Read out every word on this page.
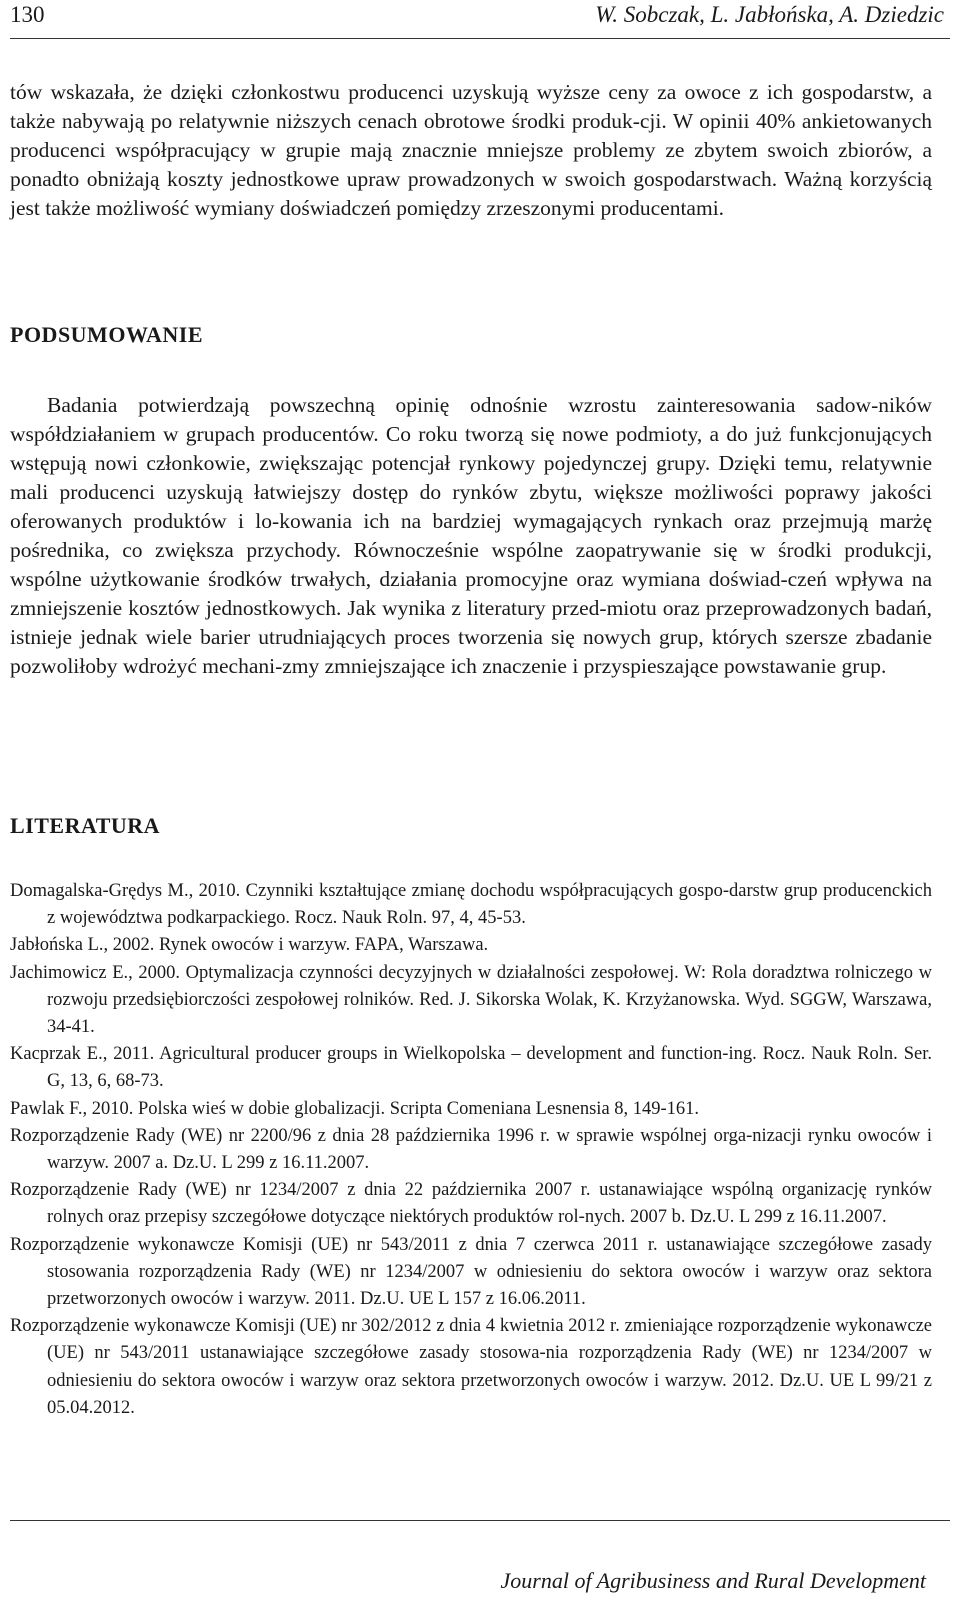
130	W. Sobczak, L. Jabłońska, A. Dziedzic

tów wskazała, że dzięki członkostwu producenci uzyskują wyższe ceny za owoce z ich gospodarstw, a także nabywają po relatywnie niższych cenach obrotowe środki produk-cji. W opinii 40% ankietowanych producenci współpracujący w grupie mają znacznie mniejsze problemy ze zbytem swoich zbiorów, a ponadto obniżają koszty jednostkowe upraw prowadzonych w swoich gospodarstwach. Ważną korzyścią jest także możliwość wymiany doświadczeń pomiędzy zrzeszonymi producentami.

PODSUMOWANIE

Badania potwierdzają powszechną opinię odnośnie wzrostu zainteresowania sadow-ników współdziałaniem w grupach producentów. Co roku tworzą się nowe podmioty, a do już funkcjonujących wstępują nowi członkowie, zwiększając potencjał rynkowy pojedynczej grupy. Dzięki temu, relatywnie mali producenci uzyskują łatwiejszy dostęp do rynków zbytu, większe możliwości poprawy jakości oferowanych produktów i lo-kowania ich na bardziej wymagających rynkach oraz przejmują marżę pośrednika, co zwiększa przychody. Równocześnie wspólne zaopatrywanie się w środki produkcji, wspólne użytkowanie środków trwałych, działania promocyjne oraz wymiana doświad-czeń wpływa na zmniejszenie kosztów jednostkowych. Jak wynika z literatury przed-miotu oraz przeprowadzonych badań, istnieje jednak wiele barier utrudniających proces tworzenia się nowych grup, których szersze zbadanie pozwoliłoby wdrożyć mechani-zmy zmniejszające ich znaczenie i przyspieszające powstawanie grup.

LITERATURA
Domagalska-Grędys M., 2010. Czynniki kształtujące zmianę dochodu współpracujących gospo-darstw grup producenckich z województwa podkarpackiego. Rocz. Nauk Roln. 97, 4, 45-53.
Jabłońska L., 2002. Rynek owoców i warzyw. FAPA, Warszawa.
Jachimowicz E., 2000. Optymalizacja czynności decyzyjnych w działalności zespołowej. W: Rola doradztwa rolniczego w rozwoju przedsiębiorczości zespołowej rolników. Red. J. Sikorska Wolak, K. Krzyżanowska. Wyd. SGGW, Warszawa, 34-41.
Kacprzak E., 2011. Agricultural producer groups in Wielkopolska – development and function-ing. Rocz. Nauk Roln. Ser. G, 13, 6, 68-73.
Pawlak F., 2010. Polska wieś w dobie globalizacji. Scripta Comeniana Lesnensia 8, 149-161.
Rozporządzenie Rady (WE) nr 2200/96 z dnia 28 października 1996 r. w sprawie wspólnej orga-nizacji rynku owoców i warzyw. 2007 a. Dz.U. L 299 z 16.11.2007.
Rozporządzenie Rady (WE) nr 1234/2007 z dnia 22 października 2007 r. ustanawiające wspólną organizację rynków rolnych oraz przepisy szczegółowe dotyczące niektórych produktów rol-nych. 2007 b. Dz.U. L 299 z 16.11.2007.
Rozporządzenie wykonawcze Komisji (UE) nr 543/2011 z dnia 7 czerwca 2011 r. ustanawiające szczegółowe zasady stosowania rozporządzenia Rady (WE) nr 1234/2007 w odniesieniu do sektora owoców i warzyw oraz sektora przetworzonych owoców i warzyw. 2011. Dz.U. UE L 157 z 16.06.2011.
Rozporządzenie wykonawcze Komisji (UE) nr 302/2012 z dnia 4 kwietnia 2012 r. zmieniające rozporządzenie wykonawcze (UE) nr 543/2011 ustanawiające szczegółowe zasady stosowa-nia rozporządzenia Rady (WE) nr 1234/2007 w odniesieniu do sektora owoców i warzyw oraz sektora przetworzonych owoców i warzyw. 2012. Dz.U. UE L 99/21 z 05.04.2012.
Journal of Agribusiness and Rural Development
